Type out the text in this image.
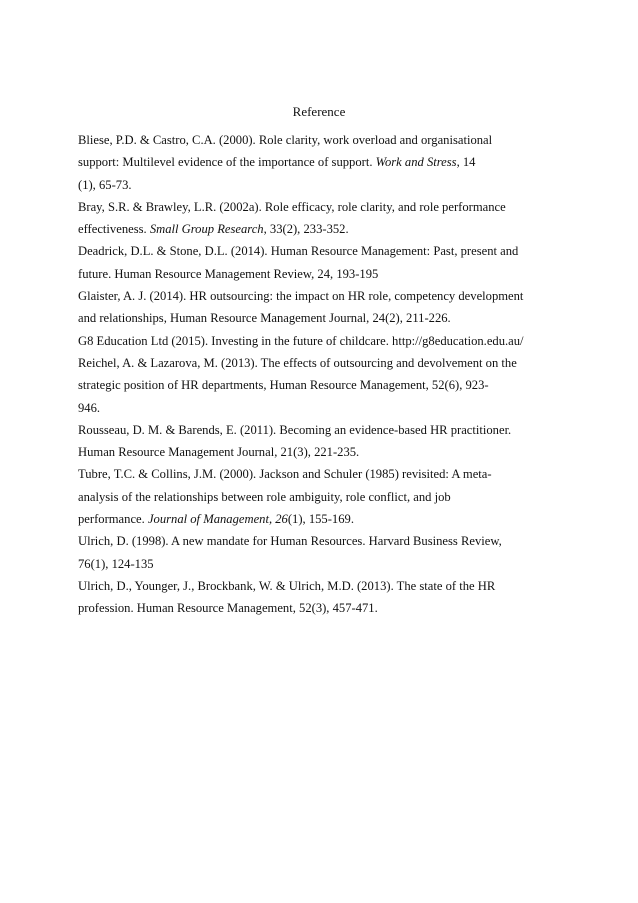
Reference
Bliese, P.D. & Castro, C.A. (2000). Role clarity, work overload and organisational
support: Multilevel evidence of the importance of support. Work and Stress, 14
(1), 65-73.
Bray, S.R. & Brawley, L.R. (2002a). Role efficacy, role clarity, and role performance
effectiveness. Small Group Research, 33(2), 233-352.
Deadrick, D.L. & Stone, D.L. (2014). Human Resource Management: Past, present and
future. Human Resource Management Review, 24, 193-195
Glaister, A. J. (2014). HR outsourcing: the impact on HR role, competency development
and relationships, Human Resource Management Journal, 24(2), 211-226.
G8 Education Ltd (2015). Investing in the future of childcare. http://g8education.edu.au/
Reichel, A. & Lazarova, M. (2013). The effects of outsourcing and devolvement on the
strategic position of HR departments, Human Resource Management, 52(6), 923-
946.
Rousseau, D. M. & Barends, E. (2011). Becoming an evidence-based HR practitioner.
Human Resource Management Journal, 21(3), 221-235.
Tubre, T.C. & Collins, J.M. (2000). Jackson and Schuler (1985) revisited: A meta-
analysis of the relationships between role ambiguity, role conflict, and job
performance. Journal of Management, 26(1), 155-169.
Ulrich, D. (1998). A new mandate for Human Resources. Harvard Business Review,
76(1), 124-135
Ulrich, D., Younger, J., Brockbank, W. & Ulrich, M.D. (2013). The state of the HR
profession. Human Resource Management, 52(3), 457-471.
